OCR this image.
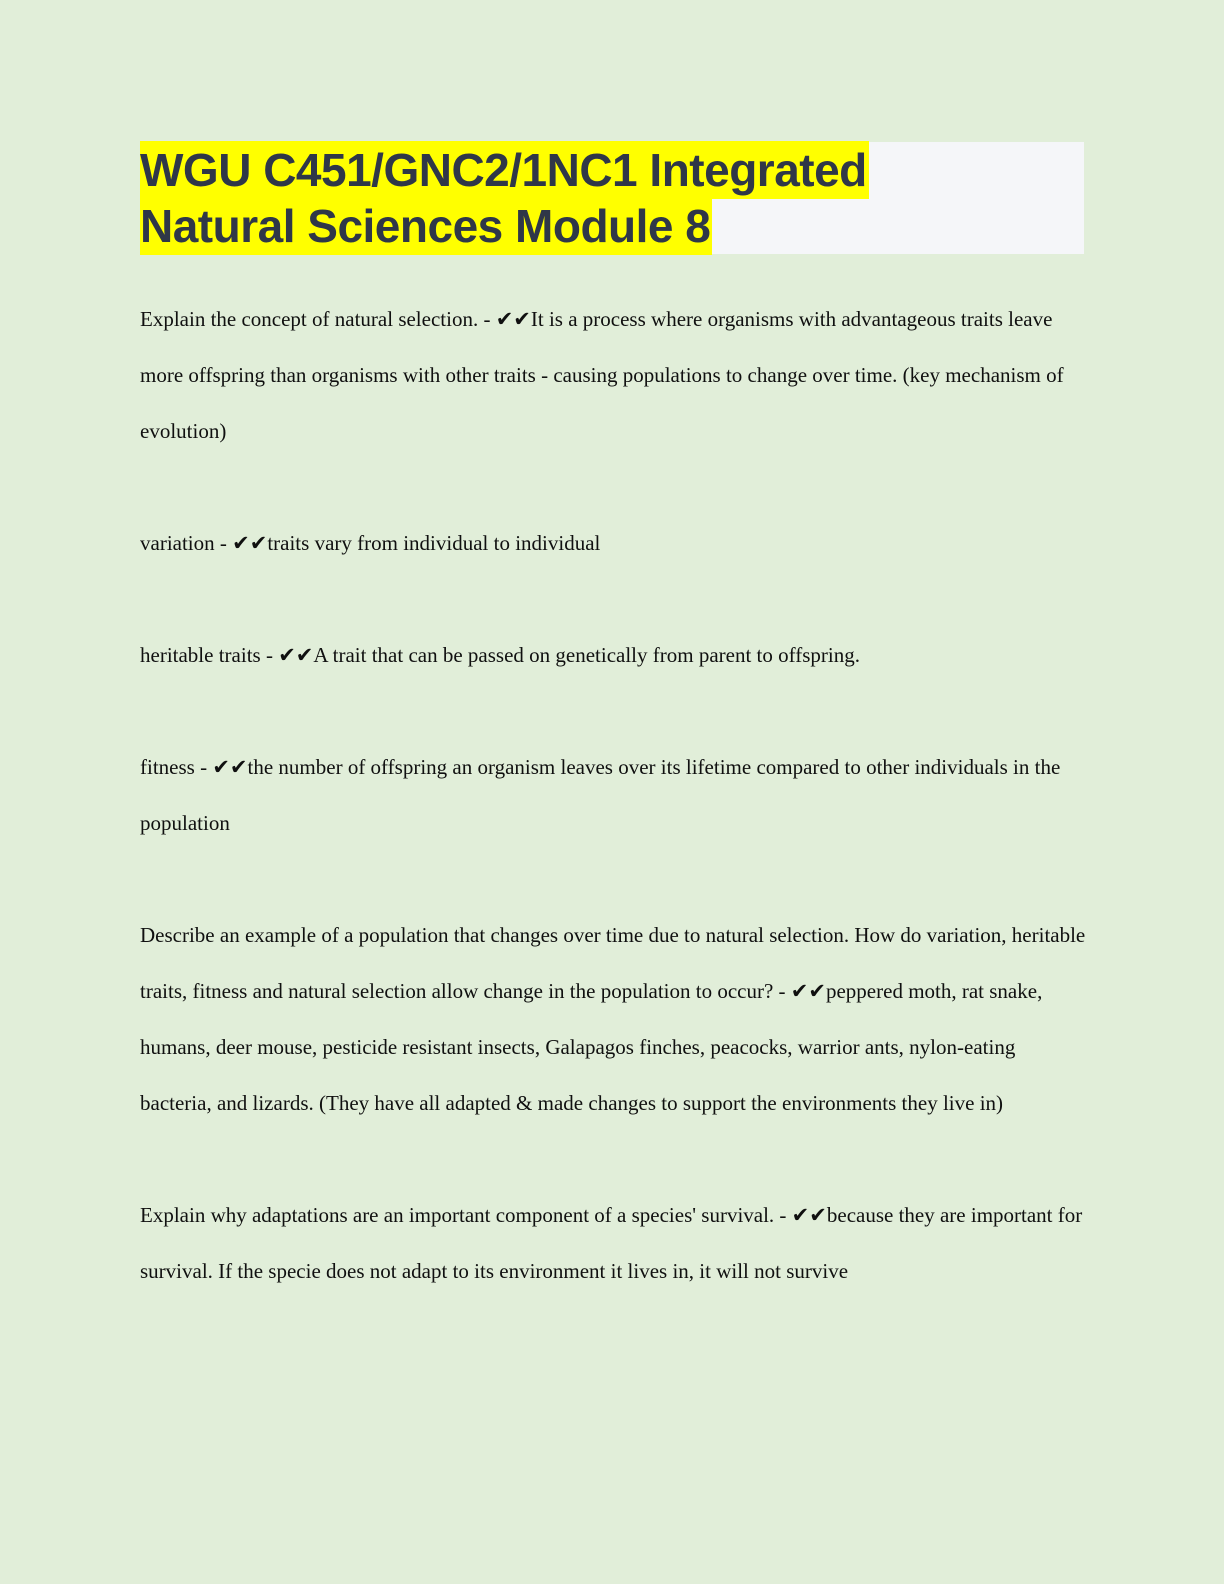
WGU C451/GNC2/1NC1 Integrated
Natural Sciences Module 8

Explain the concept of natural selection. - ✔✔It is a process where organisms with advantageous traits leave more offspring than organisms with other traits - causing populations to change over time. (key mechanism of evolution)

variation - ✔✔traits vary from individual to individual

heritable traits - ✔✔A trait that can be passed on genetically from parent to offspring.

fitness - ✔✔the number of offspring an organism leaves over its lifetime compared to other individuals in the population

Describe an example of a population that changes over time due to natural selection. How do variation, heritable traits, fitness and natural selection allow change in the population to occur? - ✔✔peppered moth, rat snake, humans, deer mouse, pesticide resistant insects, Galapagos finches, peacocks, warrior ants, nylon-eating bacteria, and lizards. (They have all adapted & made changes to support the environments they live in)

Explain why adaptations are an important component of a species' survival. - ✔✔because they are important for survival. If the specie does not adapt to its environment it lives in, it will not survive
